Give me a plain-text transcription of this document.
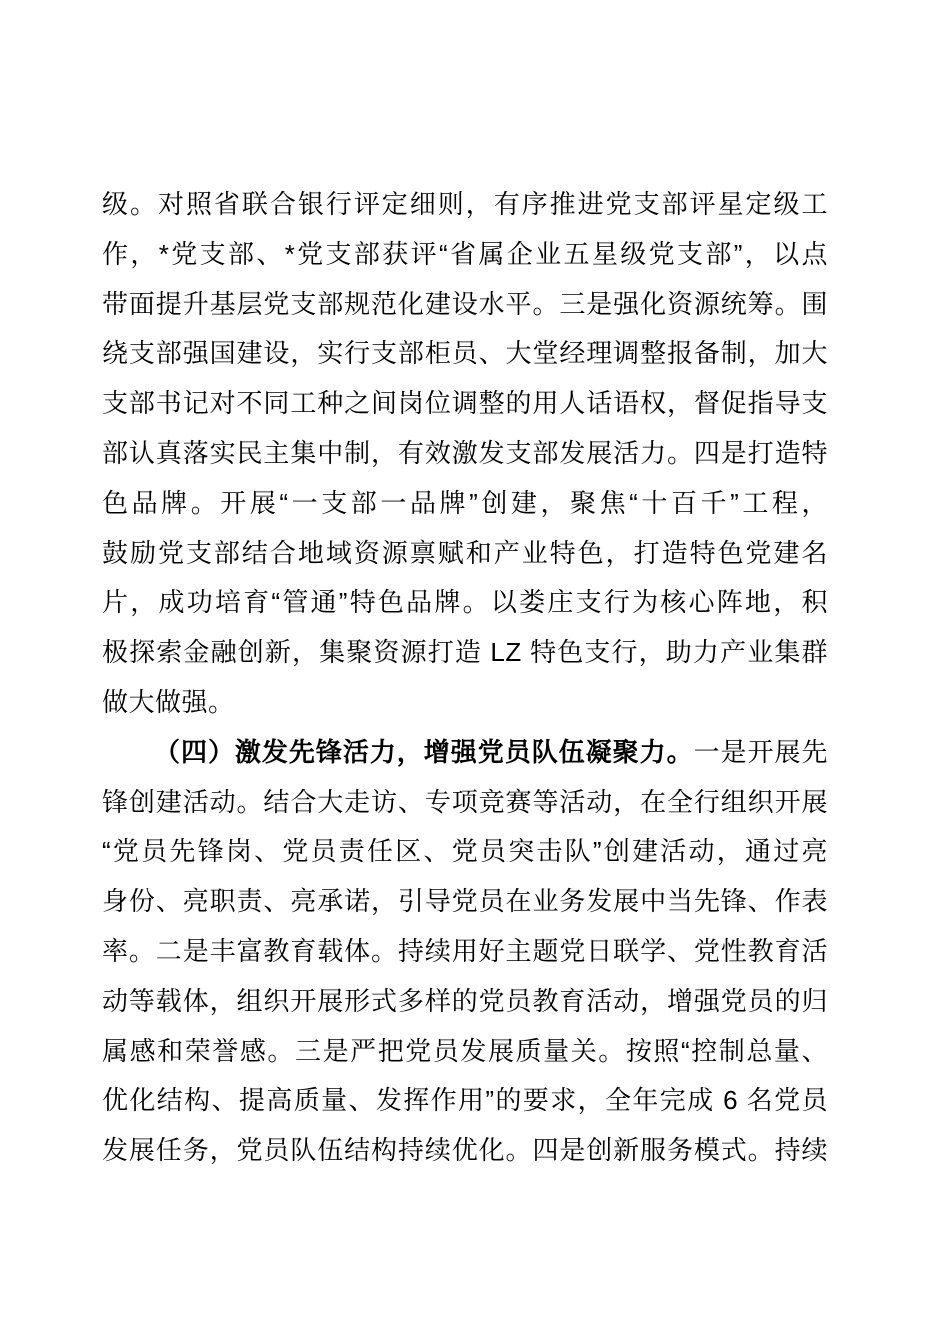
级。对照省联合银行评定细则，有序推进党支部评星定级工
作，*党支部、*党支部获评“省属企业五星级党支部”，以点
带面提升基层党支部规范化建设水平。三是强化资源统筹。围
绕支部强国建设，实行支部柜员、大堂经理调整报备制，加大
支部书记对不同工种之间岗位调整的用人话语权，督促指导支
部认真落实民主集中制，有效激发支部发展活力。四是打造特
色品牌。开展“一支部一品牌”创建，聚焦“十百千”工程，
鼓励党支部结合地域资源禀赋和产业特色，打造特色党建名
片，成功培育“管通”特色品牌。以娄庄支行为核心阵地，积
极探索金融创新，集聚资源打造 LZ 特色支行，助力产业集群
做大做强。
（四）激发先锋活力，增强党员队伍凝聚力。一是开展先
锋创建活动。结合大走访、专项竞赛等活动，在全行组织开展
“党员先锋岗、党员责任区、党员突击队”创建活动，通过亮
身份、亮职责、亮承诺，引导党员在业务发展中当先锋、作表
率。二是丰富教育载体。持续用好主题党日联学、党性教育活
动等载体，组织开展形式多样的党员教育活动，增强党员的归
属感和荣誉感。三是严把党员发展质量关。按照“控制总量、
优化结构、提高质量、发挥作用”的要求，全年完成 6 名党员
发展任务，党员队伍结构持续优化。四是创新服务模式。持续
